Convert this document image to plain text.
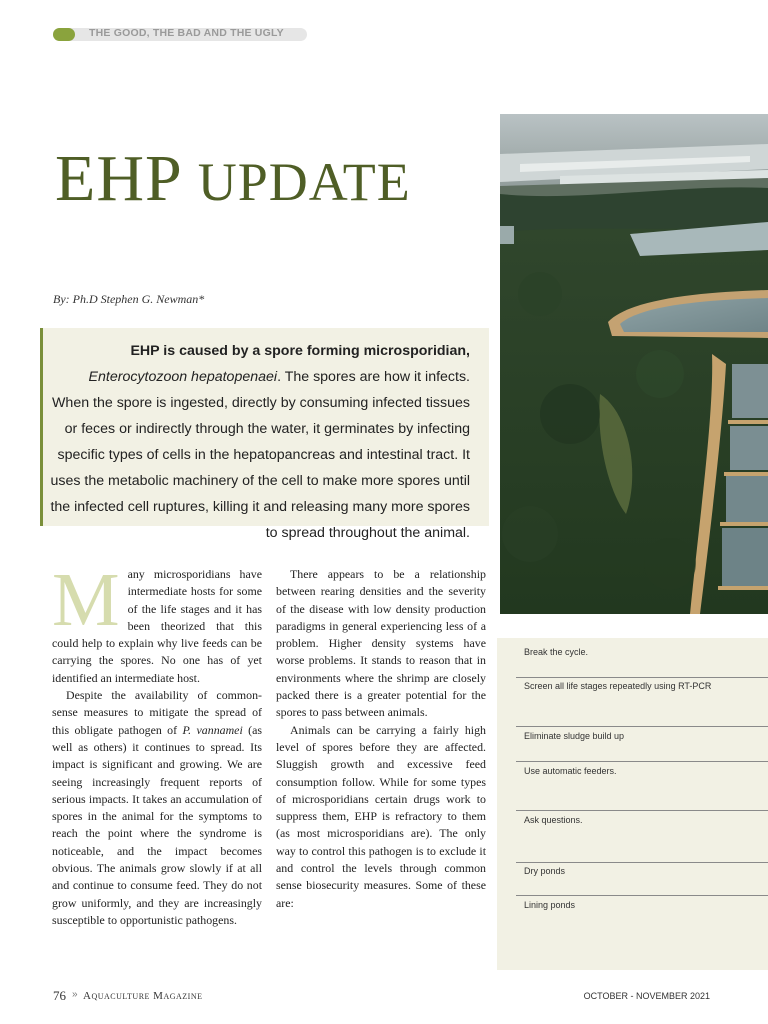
THE GOOD, THE BAD AND THE UGLY
EHP UPDATE
By: Ph.D Stephen G. Newman*
EHP is caused by a spore forming microsporidian, Enterocytozoon hepatopenaei. The spores are how it infects. When the spore is ingested, directly by consuming infected tissues or feces or indirectly through the water, it germinates by infecting specific types of cells in the hepatopancreas and intestinal tract. It uses the metabolic machinery of the cell to make more spores until the infected cell ruptures, killing it and releasing many more spores to spread throughout the animal.

Many microsporidians have intermediate hosts for some of the life stages and it has been theorized that this could help to explain why live feeds can be carrying the spores. No one has of yet identified an intermediate host.

Despite the availability of common-sense measures to mitigate the spread of this obligate pathogen of P. vannamei (as well as others) it continues to spread. Its impact is significant and growing. We are seeing increasingly frequent reports of serious impacts. It takes an accumulation of spores in the animal for the symptoms to reach the point where the syndrome is noticeable, and the impact becomes obvious. The animals grow slowly if at all and continue to consume feed. They do not grow uniformly, and they are increasingly susceptible to opportunistic pathogens.

There appears to be a relationship between rearing densities and the severity of the disease with low density production paradigms in general experiencing less of a problem. Higher density systems have worse problems. It stands to reason that in environments where the shrimp are closely packed there is a greater potential for the spores to pass between animals.

Animals can be carrying a fairly high level of spores before they are affected. Sluggish growth and excessive feed consumption follow. While for some types of microsporidians certain drugs work to suppress them, EHP is refractory to them (as most microsporidians are). The only way to control this pathogen is to exclude it and control the levels through common sense biosecurity measures. Some of these are:

Break the cycle.
Screen all life stages repeatedly using RT-PCR
Eliminate sludge build up
Use automatic feeders.
Ask questions.
Dry ponds
Lining ponds
76 » Aquaculture Magazine	OCTOBER - NOVEMBER 2021
